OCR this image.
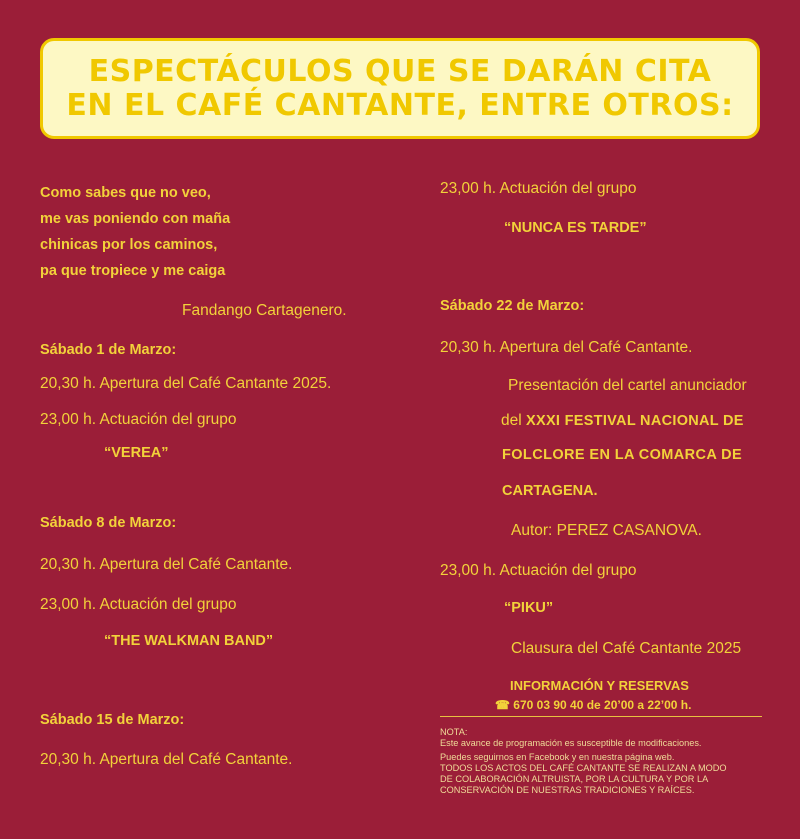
ESPECTÁCULOS QUE SE DARÁN CITA
EN EL CAFÉ CANTANTE, ENTRE OTROS:
Como sabes que no veo,
me vas poniendo con maña
chinicas por los caminos,
pa que tropiece y me caiga
Fandango Cartagenero.
Sábado 1 de Marzo:
20,30 h. Apertura del Café Cantante 2025.
23,00 h. Actuación del grupo
“VEREA”
Sábado 8 de Marzo:
20,30 h. Apertura del Café Cantante.
23,00 h. Actuación del grupo
“THE WALKMAN BAND”
Sábado 15 de Marzo:
20,30 h. Apertura del Café Cantante.
23,00 h. Actuación del grupo
“NUNCA ES TARDE”
Sábado 22 de Marzo:
20,30 h. Apertura del Café Cantante.
Presentación del cartel anunciador
del XXXI FESTIVAL NACIONAL DE
FOLCLORE EN LA COMARCA DE
CARTAGENA.
Autor: PEREZ CASANOVA.
23,00 h. Actuación del grupo
“PIKU”
Clausura del Café Cantante 2025
INFORMACIÓN Y RESERVAS
☎ 670 03 90 40 de 20’00 a 22’00 h.
NOTA:
Este avance de programación es susceptible de modificaciones.
Puedes seguirnos en Facebook y en nuestra página web.
TODOS LOS ACTOS DEL CAFÉ CANTANTE SE REALIZAN A MODO
DE COLABORACIÓN ALTRUISTA, POR LA CULTURA Y POR LA
CONSERVACIÓN DE NUESTRAS TRADICIONES Y RAÍCES.
